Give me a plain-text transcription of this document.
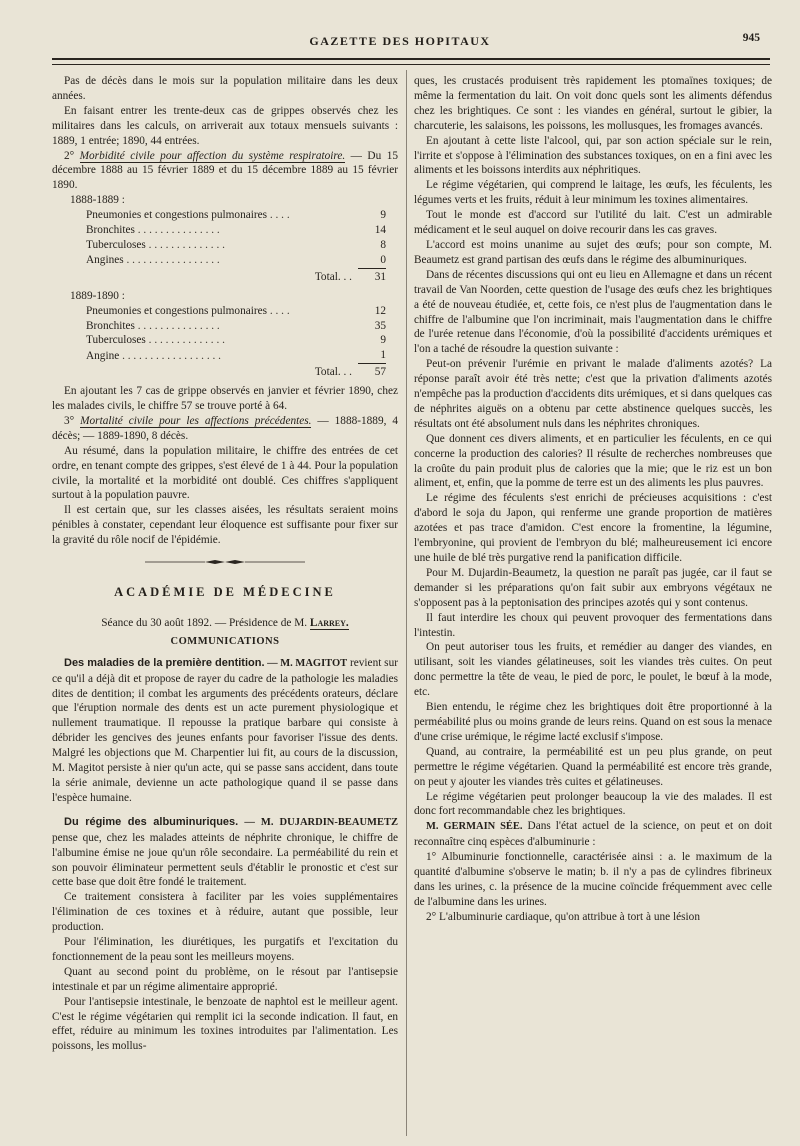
GAZETTE DES HOPITAUX	945

Pas de décès dans le mois sur la population militaire dans les deux années.

En faisant entrer les trente-deux cas de grippes observés chez les militaires dans les calculs, on arriverait aux totaux mensuels suivants : 1889, 1 entrée; 1890, 44 entrées.

2° Morbidité civile pour affection du système respiratoire. — Du 15 décembre 1888 au 15 février 1889 et du 15 décembre 1889 au 15 février 1890.

1888-1889 :

Pneumonies et congestions pulmonaires . . . .	9
Bronchites . . . . . . . . . . . . . . .	14
Tuberculoses . . . . . . . . . . . . . .	8
Angines . . . . . . . . . . . . . . . . .	0
Total. . .	31

1889-1890 :

Pneumonies et congestions pulmonaires . . . .	12
Bronchites . . . . . . . . . . . . . . .	35
Tuberculoses . . . . . . . . . . . . . .	9
Angine . . . . . . . . . . . . . . . . . .	1
Total. . .	57

En ajoutant les 7 cas de grippe observés en janvier et février 1890, chez les malades civils, le chiffre 57 se trouve porté à 64.

3° Mortalité civile pour les affections précédentes. — 1888-1889, 4 décès; — 1889-1890, 8 décès.

Au résumé, dans la population militaire, le chiffre des entrées de cet ordre, en tenant compte des grippes, s'est élevé de 1 à 44. Pour la population civile, la mortalité et la morbidité ont doublé. Ces chiffres s'appliquent surtout à la population pauvre.

Il est certain que, sur les classes aisées, les résultats seraient moins pénibles à constater, cependant leur éloquence est suffisante pour fixer sur la gravité du rôle nocif de l'épidémie.

ACADÉMIE DE MÉDECINE

Séance du 30 août 1892. — Présidence de M. Larrey.

COMMUNICATIONS

Des maladies de la première dentition. — M. MAGITOT revient sur ce qu'il a déjà dit et propose de rayer du cadre de la pathologie les maladies dites de dentition; il combat les arguments des précédents orateurs, déclare que l'éruption normale des dents est un acte purement physiologique et nullement traumatique. Il repousse la pratique barbare qui consiste à débrider les gencives des jeunes enfants pour favoriser l'issue des dents. Malgré les objections que M. Charpentier lui fit, au cours de la discussion, M. Magitot persiste à nier qu'un acte, qui se passe sans accident, dans toute la série animale, devienne un acte pathologique quand il se passe dans l'espèce humaine.

Du régime des albuminuriques. — M. DUJARDIN-BEAUMETZ pense que, chez les malades atteints de néphrite chronique, le chiffre de l'albumine émise ne joue qu'un rôle secondaire. La perméabilité du rein et son pouvoir éliminateur permettent seuls d'établir le pronostic et c'est sur cette base que doit être fondé le traitement.

Ce traitement consistera à faciliter par les voies supplémentaires l'élimination de ces toxines et à réduire, autant que possible, leur production.

Pour l'élimination, les diurétiques, les purgatifs et l'excitation du fonctionnement de la peau sont les meilleurs moyens.

Quant au second point du problème, on le résout par l'antisepsie intestinale et par un régime alimentaire approprié.

Pour l'antisepsie intestinale, le benzoate de naphtol est le meilleur agent. C'est le régime végétarien qui remplit ici la seconde indication. Il faut, en effet, réduire au minimum les toxines introduites par l'alimentation. Les poissons, les mollus-

ques, les crustacés produisent très rapidement les ptomaïnes toxiques; de même la fermentation du lait. On voit donc quels sont les aliments défendus chez les brightiques. Ce sont : les viandes en général, surtout le gibier, la charcuterie, les salaisons, les poissons, les mollusques, les fromages avancés.

En ajoutant à cette liste l'alcool, qui, par son action spéciale sur le rein, l'irrite et s'oppose à l'élimination des substances toxiques, on en a fini avec les aliments et les boissons interdits aux néphritiques.

Le régime végétarien, qui comprend le laitage, les œufs, les féculents, les légumes verts et les fruits, réduit à leur minimum les toxines alimentaires.

Tout le monde est d'accord sur l'utilité du lait. C'est un admirable médicament et le seul auquel on doive recourir dans les cas graves.

L'accord est moins unanime au sujet des œufs; pour son compte, M. Beaumetz est grand partisan des œufs dans le régime des albuminuriques.

Dans de récentes discussions qui ont eu lieu en Allemagne et dans un récent travail de Van Noorden, cette question de l'usage des œufs chez les brightiques a été de nouveau étudiée, et, cette fois, ce n'est plus de l'augmentation dans le chiffre de l'albumine que l'on incriminait, mais l'augmentation dans le chiffre de l'urée retenue dans l'économie, d'où la possibilité d'accidents urémiques et l'on a taché de résoudre la question suivante :

Peut-on prévenir l'urémie en privant le malade d'aliments azotés? La réponse paraît avoir été très nette; c'est que la privation d'aliments azotés n'empêche pas la production d'accidents dits urémiques, et si dans quelques cas de néphrites aiguës on a obtenu par cette abstinence quelques succès, les résultats ont été absolument nuls dans les néphrites chroniques.

Que donnent ces divers aliments, et en particulier les féculents, en ce qui concerne la production des calories? Il résulte de recherches nombreuses que la croûte du pain produit plus de calories que la mie; que le riz est un bon aliment, et, enfin, que la pomme de terre est un des aliments les plus pauvres.

Le régime des féculents s'est enrichi de précieuses acquisitions : c'est d'abord le soja du Japon, qui renferme une grande proportion de matières azotées et pas trace d'amidon. C'est encore la fromentine, la légumine, l'embryonine, qui provient de l'embryon du blé; malheureusement ici encore une huile de blé très purgative rend la panification difficile.

Pour M. Dujardin-Beaumetz, la question ne paraît pas jugée, car il faut se demander si les préparations qu'on fait subir aux embryons végétaux ne s'opposent pas à la peptonisation des principes azotés qui y sont contenus.

Il faut interdire les choux qui peuvent provoquer des fermentations dans l'intestin.

On peut autoriser tous les fruits, et remédier au danger des viandes, en utilisant, soit les viandes gélatineuses, soit les viandes très cuites. On peut donc permettre la tête de veau, le pied de porc, le poulet, le bœuf à la mode, etc.

Bien entendu, le régime chez les brightiques doit être proportionné à la perméabilité plus ou moins grande de leurs reins. Quand on est sous la menace d'une crise urémique, le régime lacté exclusif s'impose.

Quand, au contraire, la perméabilité est un peu plus grande, on peut permettre le régime végétarien. Quand la perméabilité est encore très grande, on peut y ajouter les viandes très cuites et gélatineuses.

Le régime végétarien peut prolonger beaucoup la vie des malades. Il est donc fort recommandable chez les brightiques.

M. GERMAIN SÉE. Dans l'état actuel de la science, on peut et on doit reconnaître cinq espèces d'albuminurie :

1° Albuminurie fonctionnelle, caractérisée ainsi : a. le maximum de la quantité d'albumine s'observe le matin; b. il n'y a pas de cylindres fibrineux dans les urines, c. la présence de la mucine coïncide fréquemment avec celle de l'albumine dans les urines.

2° L'albuminurie cardiaque, qu'on attribue à tort à une lésion
